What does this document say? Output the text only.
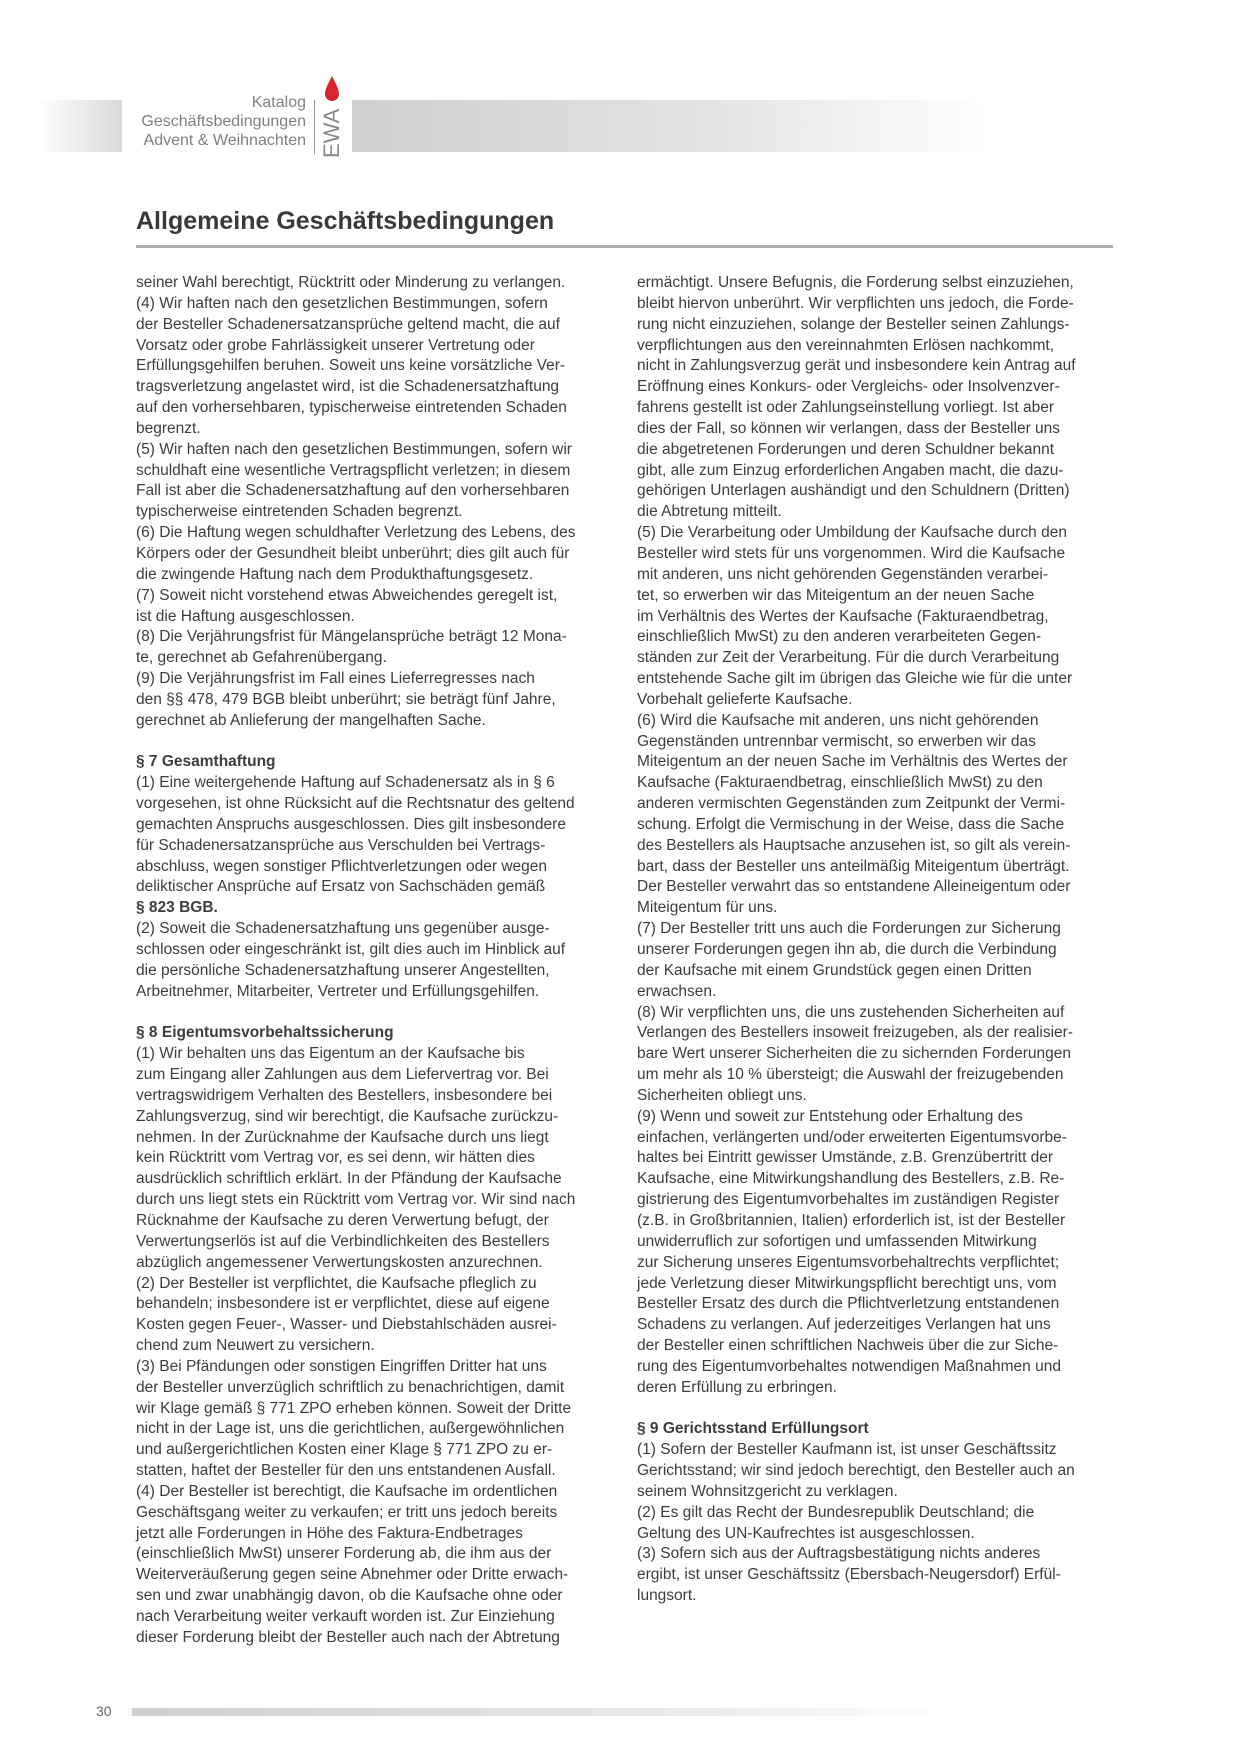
Katalog
Geschäftsbedingungen
Advent & Weihnachten EWA
Allgemeine Geschäftsbedingungen
seiner Wahl berechtigt, Rücktritt oder Minderung zu verlangen.
(4) Wir haften nach den gesetzlichen Bestimmungen, sofern
der Besteller Schadenersatzansprüche geltend macht, die auf
Vorsatz oder grobe Fahrlässigkeit unserer Vertretung oder
Erfüllungsgehilfen beruhen. Soweit uns keine vorsätzliche Ver-
tragsverletzung angelastet wird, ist die Schadenersatzhaftung
auf den vorhersehbaren, typischerweise eintretenden Schaden
begrenzt.
(5) Wir haften nach den gesetzlichen Bestimmungen, sofern wir
schuldhaft eine wesentliche Vertragspflicht verletzen; in diesem
Fall ist aber die Schadenersatzhaftung auf den vorhersehbaren
typischerweise eintretenden Schaden begrenzt.
(6) Die Haftung wegen schuldhafter Verletzung des Lebens, des
Körpers oder der Gesundheit bleibt unberührt; dies gilt auch für
die zwingende Haftung nach dem Produkthaftungsgesetz.
(7) Soweit nicht vorstehend etwas Abweichendes geregelt ist,
ist die Haftung ausgeschlossen.
(8) Die Verjährungsfrist für Mängelansprüche beträgt 12 Mona-
te, gerechnet ab Gefahrenübergang.
(9) Die Verjährungsfrist im Fall eines Lieferregresses nach
den §§ 478, 479 BGB bleibt unberührt; sie beträgt fünf Jahre,
gerechnet ab Anlieferung der mangelhaften Sache.
§ 7 Gesamthaftung
(1) Eine weitergehende Haftung auf Schadenersatz als in § 6
vorgesehen, ist ohne Rücksicht auf die Rechtsnatur des geltend
gemachten Anspruchs ausgeschlossen. Dies gilt insbesondere
für Schadenersatzansprüche aus Verschulden bei Vertrags-
abschluss, wegen sonstiger Pflichtverletzungen oder wegen
deliktischer Ansprüche auf Ersatz von Sachschäden gemäß
§ 823 BGB.
(2) Soweit die Schadenersatzhaftung uns gegenüber ausge-
schlossen oder eingeschränkt ist, gilt dies auch im Hinblick auf
die persönliche Schadenersatzhaftung unserer Angestellten,
Arbeitnehmer, Mitarbeiter, Vertreter und Erfüllungsgehilfen.
§ 8 Eigentumsvorbehaltssicherung
(1) Wir behalten uns das Eigentum an der Kaufsache bis
zum Eingang aller Zahlungen aus dem Liefervertrag vor. Bei
vertragswidrigem Verhalten des Bestellers, insbesondere bei
Zahlungsverzug, sind wir berechtigt, die Kaufsache zurückzu-
nehmen. In der Zurücknahme der Kaufsache durch uns liegt
kein Rücktritt vom Vertrag vor, es sei denn, wir hätten dies
ausdrücklich schriftlich erklärt. In der Pfändung der Kaufsache
durch uns liegt stets ein Rücktritt vom Vertrag vor. Wir sind nach
Rücknahme der Kaufsache zu deren Verwertung befugt, der
Verwertungserlös ist auf die Verbindlichkeiten des Bestellers
abzüglich angemessener Verwertungskosten anzurechnen.
(2) Der Besteller ist verpflichtet, die Kaufsache pfleglich zu
behandeln; insbesondere ist er verpflichtet, diese auf eigene
Kosten gegen Feuer-, Wasser- und Diebstahlschäden ausrei-
chend zum Neuwert zu versichern.
(3) Bei Pfändungen oder sonstigen Eingriffen Dritter hat uns
der Besteller unverzüglich schriftlich zu benachrichtigen, damit
wir Klage gemäß § 771 ZPO erheben können. Soweit der Dritte
nicht in der Lage ist, uns die gerichtlichen, außergewöhnlichen
und außergerichtlichen Kosten einer Klage § 771 ZPO zu er-
statten, haftet der Besteller für den uns entstandenen Ausfall.
(4) Der Besteller ist berechtigt, die Kaufsache im ordentlichen
Geschäftsgang weiter zu verkaufen; er tritt uns jedoch bereits
jetzt alle Forderungen in Höhe des Faktura-Endbetrages
(einschließlich MwSt) unserer Forderung ab, die ihm aus der
Weiterveräußerung gegen seine Abnehmer oder Dritte erwach-
sen und zwar unabhängig davon, ob die Kaufsache ohne oder
nach Verarbeitung weiter verkauft worden ist. Zur Einziehung
dieser Forderung bleibt der Besteller auch nach der Abtretung
ermächtigt. Unsere Befugnis, die Forderung selbst einzuziehen,
bleibt hiervon unberührt. Wir verpflichten uns jedoch, die Forde-
rung nicht einzuziehen, solange der Besteller seinen Zahlungs-
verpflichtungen aus den vereinnahmten Erlösen nachkommt,
nicht in Zahlungsverzug gerät und insbesondere kein Antrag auf
Eröffnung eines Konkurs- oder Vergleichs- oder Insolvenzver-
fahrens gestellt ist oder Zahlungseinstellung vorliegt. Ist aber
dies der Fall, so können wir verlangen, dass der Besteller uns
die abgetretenen Forderungen und deren Schuldner bekannt
gibt, alle zum Einzug erforderlichen Angaben macht, die dazu-
gehörigen Unterlagen aushändigt und den Schuldnern (Dritten)
die Abtretung mitteilt.
(5) Die Verarbeitung oder Umbildung der Kaufsache durch den
Besteller wird stets für uns vorgenommen. Wird die Kaufsache
mit anderen, uns nicht gehörenden Gegenständen verarbei-
tet, so erwerben wir das Miteigentum an der neuen Sache
im Verhältnis des Wertes der Kaufsache (Fakturaendbetrag,
einschließlich MwSt) zu den anderen verarbeiteten Gegen-
ständen zur Zeit der Verarbeitung. Für die durch Verarbeitung
entstehende Sache gilt im übrigen das Gleiche wie für die unter
Vorbehalt gelieferte Kaufsache.
(6) Wird die Kaufsache mit anderen, uns nicht gehörenden
Gegenständen untrennbar vermischt, so erwerben wir das
Miteigentum an der neuen Sache im Verhältnis des Wertes der
Kaufsache (Fakturaendbetrag, einschließlich MwSt) zu den
anderen vermischten Gegenständen zum Zeitpunkt der Vermi-
schung. Erfolgt die Vermischung in der Weise, dass die Sache
des Bestellers als Hauptsache anzusehen ist, so gilt als verein-
bart, dass der Besteller uns anteilmäßig Miteigentum überträgt.
Der Besteller verwahrt das so entstandene Alleineigentum oder
Miteigentum für uns.
(7) Der Besteller tritt uns auch die Forderungen zur Sicherung
unserer Forderungen gegen ihn ab, die durch die Verbindung
der Kaufsache mit einem Grundstück gegen einen Dritten
erwachsen.
(8) Wir verpflichten uns, die uns zustehenden Sicherheiten auf
Verlangen des Bestellers insoweit freizugeben, als der realisier-
bare Wert unserer Sicherheiten die zu sichernden Forderungen
um mehr als 10 % übersteigt; die Auswahl der freizugebenden
Sicherheiten obliegt uns.
(9) Wenn und soweit zur Entstehung oder Erhaltung des
einfachen, verlängerten und/oder erweiterten Eigentumsvorbe-
haltes bei Eintritt gewisser Umstände, z.B. Grenzübertritt der
Kaufsache, eine Mitwirkungshandlung des Bestellers, z.B. Re-
gistrierung des Eigentumvorbehaltes im zuständigen Register
(z.B. in Großbritannien, Italien) erforderlich ist, ist der Besteller
unwiderruflich zur sofortigen und umfassenden Mitwirkung
zur Sicherung unseres Eigentumsvorbehaltrechts verpflichtet;
jede Verletzung dieser Mitwirkungspflicht berechtigt uns, vom
Besteller Ersatz des durch die Pflichtverletzung entstandenen
Schadens zu verlangen. Auf jederzeitiges Verlangen hat uns
der Besteller einen schriftlichen Nachweis über die zur Siche-
rung des Eigentumvorbehaltes notwendigen Maßnahmen und
deren Erfüllung zu erbringen.
§ 9 Gerichtsstand Erfüllungsort
(1) Sofern der Besteller Kaufmann ist, ist unser Geschäftssitz
Gerichtsstand; wir sind jedoch berechtigt, den Besteller auch an
seinem Wohnsitzgericht zu verklagen.
(2) Es gilt das Recht der Bundesrepublik Deutschland; die
Geltung des UN-Kaufrechtes ist ausgeschlossen.
(3) Sofern sich aus der Auftragsbestätigung nichts anderes
ergibt, ist unser Geschäftssitz (Ebersbach-Neugersdorf) Erfül-
lungsort.
30
